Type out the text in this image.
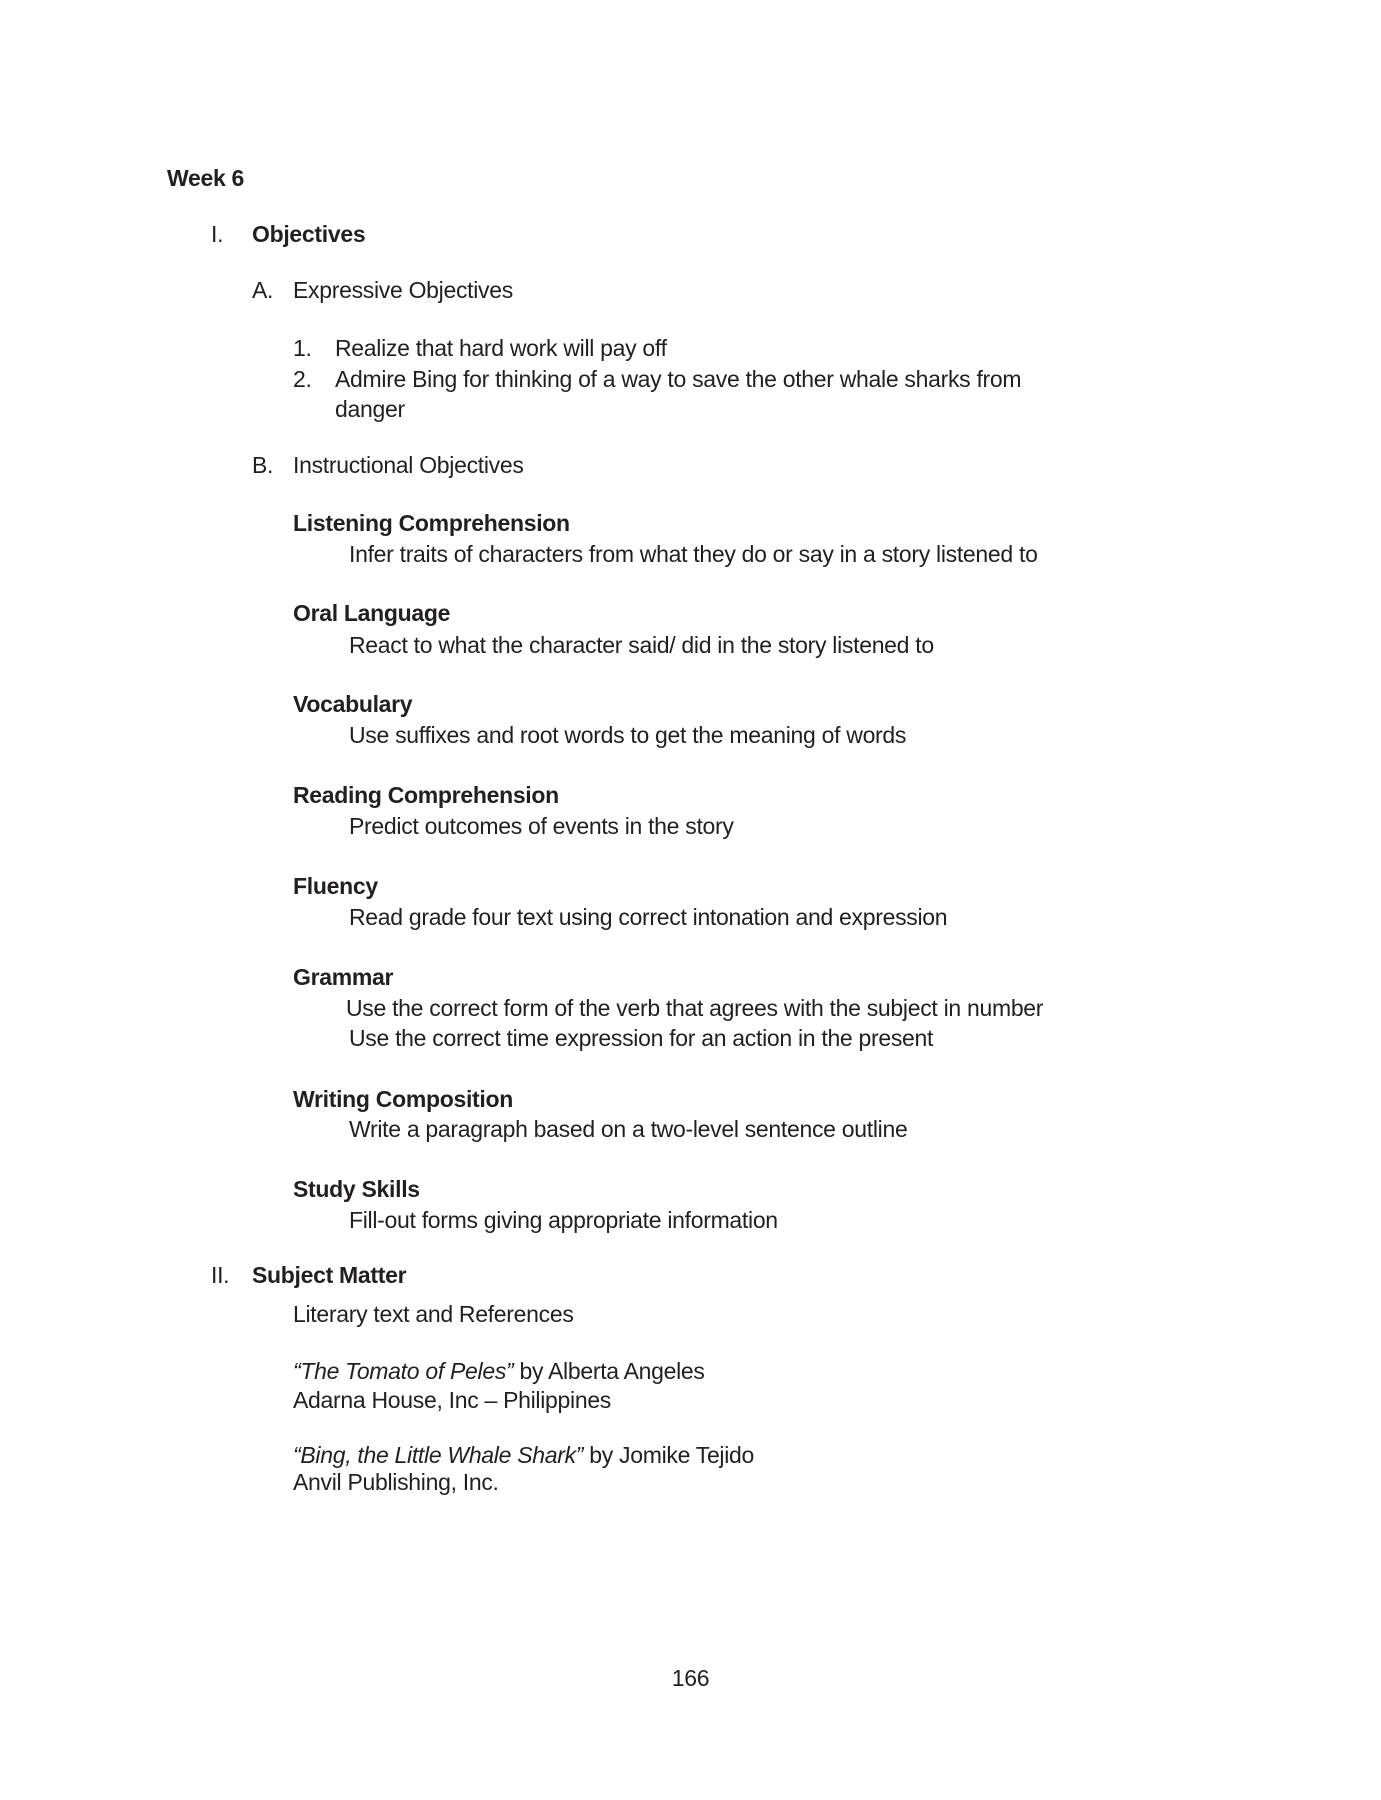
Week 6
I. Objectives
A. Expressive Objectives
1. Realize that hard work will pay off
2. Admire Bing for thinking of a way to save the other whale sharks from
danger
B. Instructional Objectives
Listening Comprehension
Infer traits of characters from what they do or say in a story listened to
Oral Language
React to what the character said/ did in the story listened to
Vocabulary
Use suffixes and root words to get the meaning of words
Reading Comprehension
Predict outcomes of events in the story
Fluency
Read grade four text using correct intonation and expression
Grammar
Use the correct form of the verb that agrees with the subject in number
Use the correct time expression for an action in the present
Writing Composition
Write a paragraph based on a two-level sentence outline
Study Skills
Fill-out forms giving appropriate information
II. Subject Matter
Literary text and References
“The Tomato of Peles” by Alberta Angeles
Adarna House, Inc – Philippines
“Bing, the Little Whale Shark” by Jomike Tejido
Anvil Publishing, Inc.
166
